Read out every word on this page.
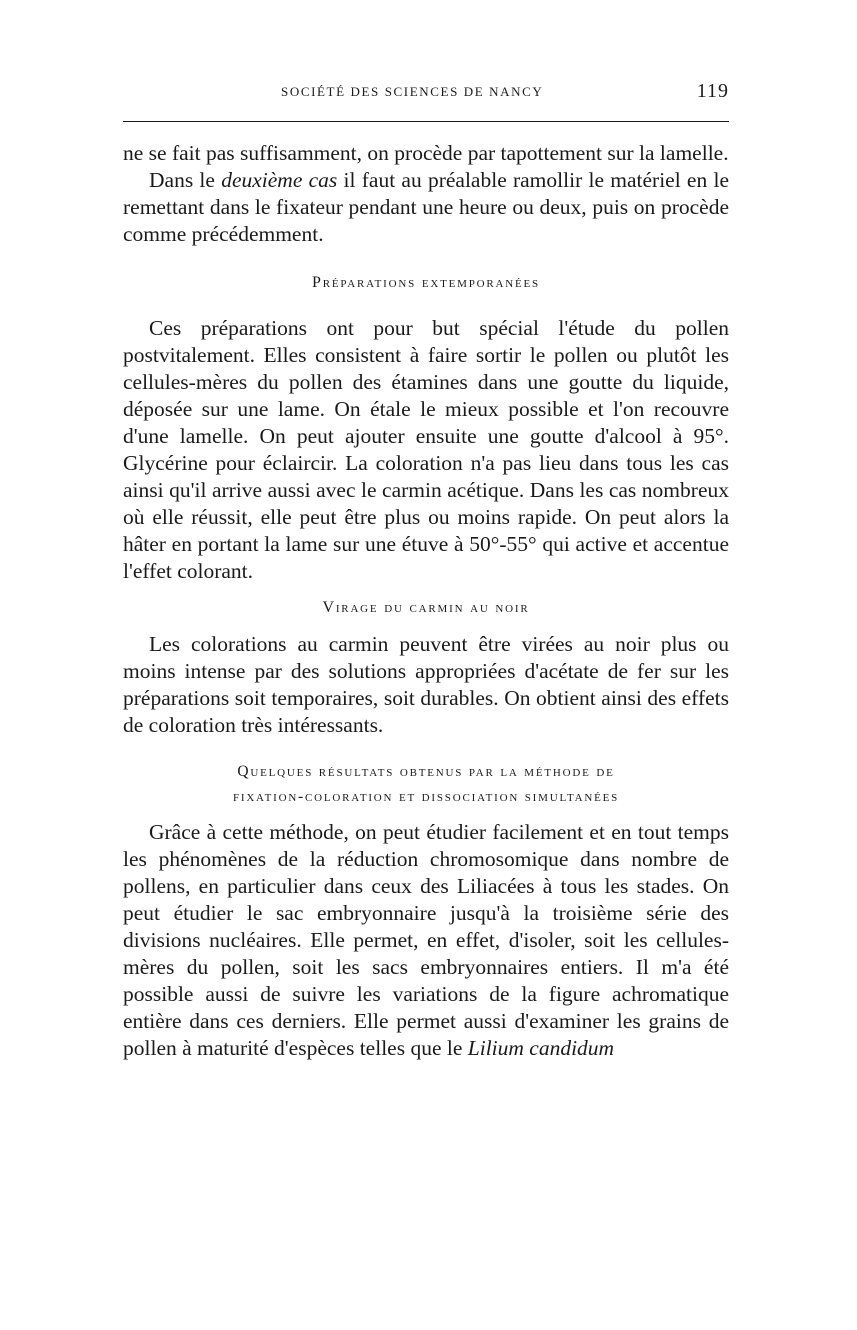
SOCIÉTÉ DES SCIENCES DE NANCY	119

ne se fait pas suffisamment, on procède par tapottement sur la lamelle.

Dans le deuxième cas il faut au préalable ramollir le matériel en le remettant dans le fixateur pendant une heure ou deux, puis on procède comme précédemment.

Préparations extemporanées

Ces préparations ont pour but spécial l'étude du pollen postvitalement. Elles consistent à faire sortir le pollen ou plutôt les cellules-mères du pollen des étamines dans une goutte du liquide, déposée sur une lame. On étale le mieux possible et l'on recouvre d'une lamelle. On peut ajouter ensuite une goutte d'alcool à 95°. Glycérine pour éclaircir. La coloration n'a pas lieu dans tous les cas ainsi qu'il arrive aussi avec le carmin acétique. Dans les cas nombreux où elle réussit, elle peut être plus ou moins rapide. On peut alors la hâter en portant la lame sur une étuve à 50°-55° qui active et accentue l'effet colorant.

Virage du carmin au noir

Les colorations au carmin peuvent être virées au noir plus ou moins intense par des solutions appropriées d'acétate de fer sur les préparations soit temporaires, soit durables. On obtient ainsi des effets de coloration très intéressants.

Quelques résultats obtenus par la méthode de
fixation-coloration et dissociation simultanées

Grâce à cette méthode, on peut étudier facilement et en tout temps les phénomènes de la réduction chromosomique dans nombre de pollens, en particulier dans ceux des Liliacées à tous les stades. On peut étudier le sac embryonnaire jusqu'à la troisième série des divisions nucléaires. Elle permet, en effet, d'isoler, soit les cellules-mères du pollen, soit les sacs embryonnaires entiers. Il m'a été possible aussi de suivre les variations de la figure achromatique entière dans ces derniers. Elle permet aussi d'examiner les grains de pollen à maturité d'espèces telles que le Lilium candidum
